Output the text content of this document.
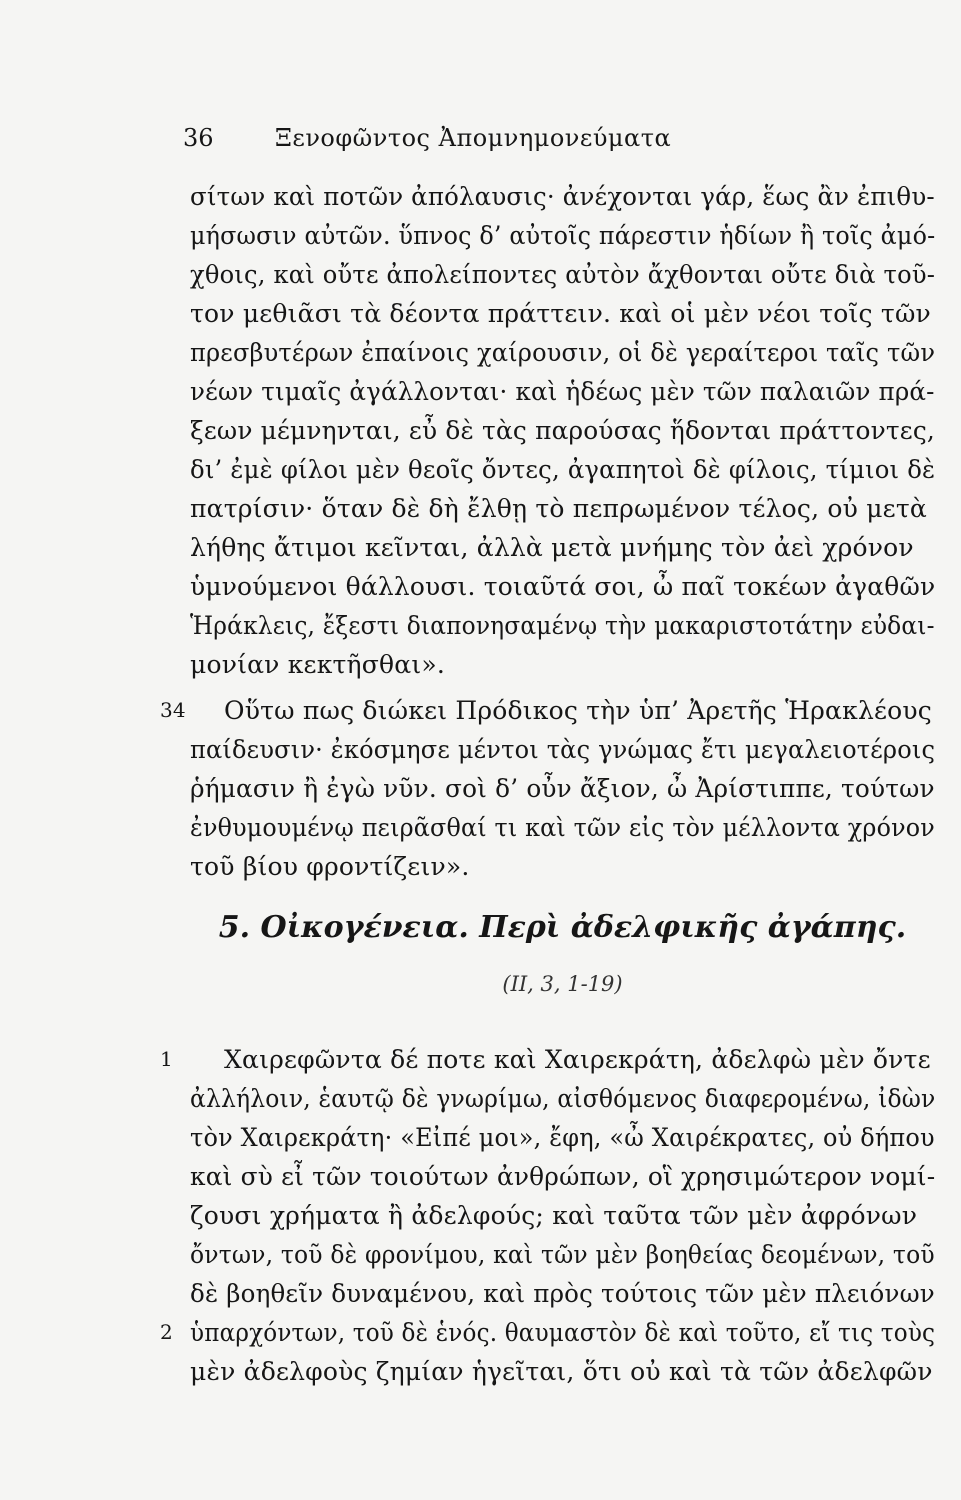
36	Ξενοφῶντος Ἀπομνημονεύματα
σίτων καὶ ποτῶν ἀπόλαυσις· ἀνέχονται γάρ, ἕως ἂν ἐπιθυ-
μήσωσιν αὐτῶν. ὕπνος δ’ αὐτοῖς πάρεστιν ἡδίων ἢ τοῖς ἀμό-
χθοις, καὶ οὔτε ἀπολείποντες αὐτὸν ἄχθονται οὔτε διὰ τοῦ-
τον μεθιᾶσι τὰ δέοντα πράττειν. καὶ οἱ μὲν νέοι τοῖς τῶν
πρεσβυτέρων ἐπαίνοις χαίρουσιν, οἱ δὲ γεραίτεροι ταῖς τῶν
νέων τιμαῖς ἀγάλλονται· καὶ ἡδέως μὲν τῶν παλαιῶν πρά-
ξεων μέμνηνται, εὖ δὲ τὰς παρούσας ἥδονται πράττοντες,
δι’ ἐμὲ φίλοι μὲν θεοῖς ὄντες, ἀγαπητοὶ δὲ φίλοις, τίμιοι δὲ
πατρίσιν· ὅταν δὲ δὴ ἔλθῃ τὸ πεπρωμένον τέλος, οὐ μετὰ
λήθης ἄτιμοι κεῖνται, ἀλλὰ μετὰ μνήμης τὸν ἀεὶ χρόνον
ὑμνούμενοι θάλλουσι. τοιαῦτά σοι, ὦ παῖ τοκέων ἀγαθῶν
Ἡράκλεις, ἔξεστι διαπονησαμένῳ τὴν μακαριστοτάτην εὐδαι-
μονίαν κεκτῆσθαι».
34 Οὕτω πως διώκει Πρόδικος τὴν ὑπ’ Ἀρετῆς Ἡρακλέους
παίδευσιν· ἐκόσμησε μέντοι τὰς γνώμας ἔτι μεγαλειοτέροις
ῥήμασιν ἢ ἐγὼ νῦν. σοὶ δ’ οὖν ἄξιον, ὦ Ἀρίστιππε, τούτων
ἐνθυμουμένῳ πειρᾶσθαί τι καὶ τῶν εἰς τὸν μέλλοντα χρόνον
τοῦ βίου φροντίζειν».
5. Οἰκογένεια. Περὶ ἀδελφικῆς ἀγάπης.
(II, 3, 1-19)
1 Χαιρεφῶντα δέ ποτε καὶ Χαιρεκράτη, ἀδελφὼ μὲν ὄντε
ἀλλήλοιν, ἑαυτῷ δὲ γνωρίμω, αἰσθόμενος διαφερομένω, ἰδὼν
τὸν Χαιρεκράτη· «Εἰπέ μοι», ἔφη, «ὦ Χαιρέκρατες, οὐ δήπου
καὶ σὺ εἶ τῶν τοιούτων ἀνθρώπων, οἳ χρησιμώτερον νομί-
ζουσι χρήματα ἢ ἀδελφούς; καὶ ταῦτα τῶν μὲν ἀφρόνων
ὄντων, τοῦ δὲ φρονίμου, καὶ τῶν μὲν βοηθείας δεομένων, τοῦ
δὲ βοηθεῖν δυναμένου, καὶ πρὸς τούτοις τῶν μὲν πλειόνων
2 ὑπαρχόντων, τοῦ δὲ ἑνός. θαυμαστὸν δὲ καὶ τοῦτο, εἴ τις τοὺς
μὲν ἀδελφοὺς ζημίαν ἡγεῖται, ὅτι οὐ καὶ τὰ τῶν ἀδελφῶν
